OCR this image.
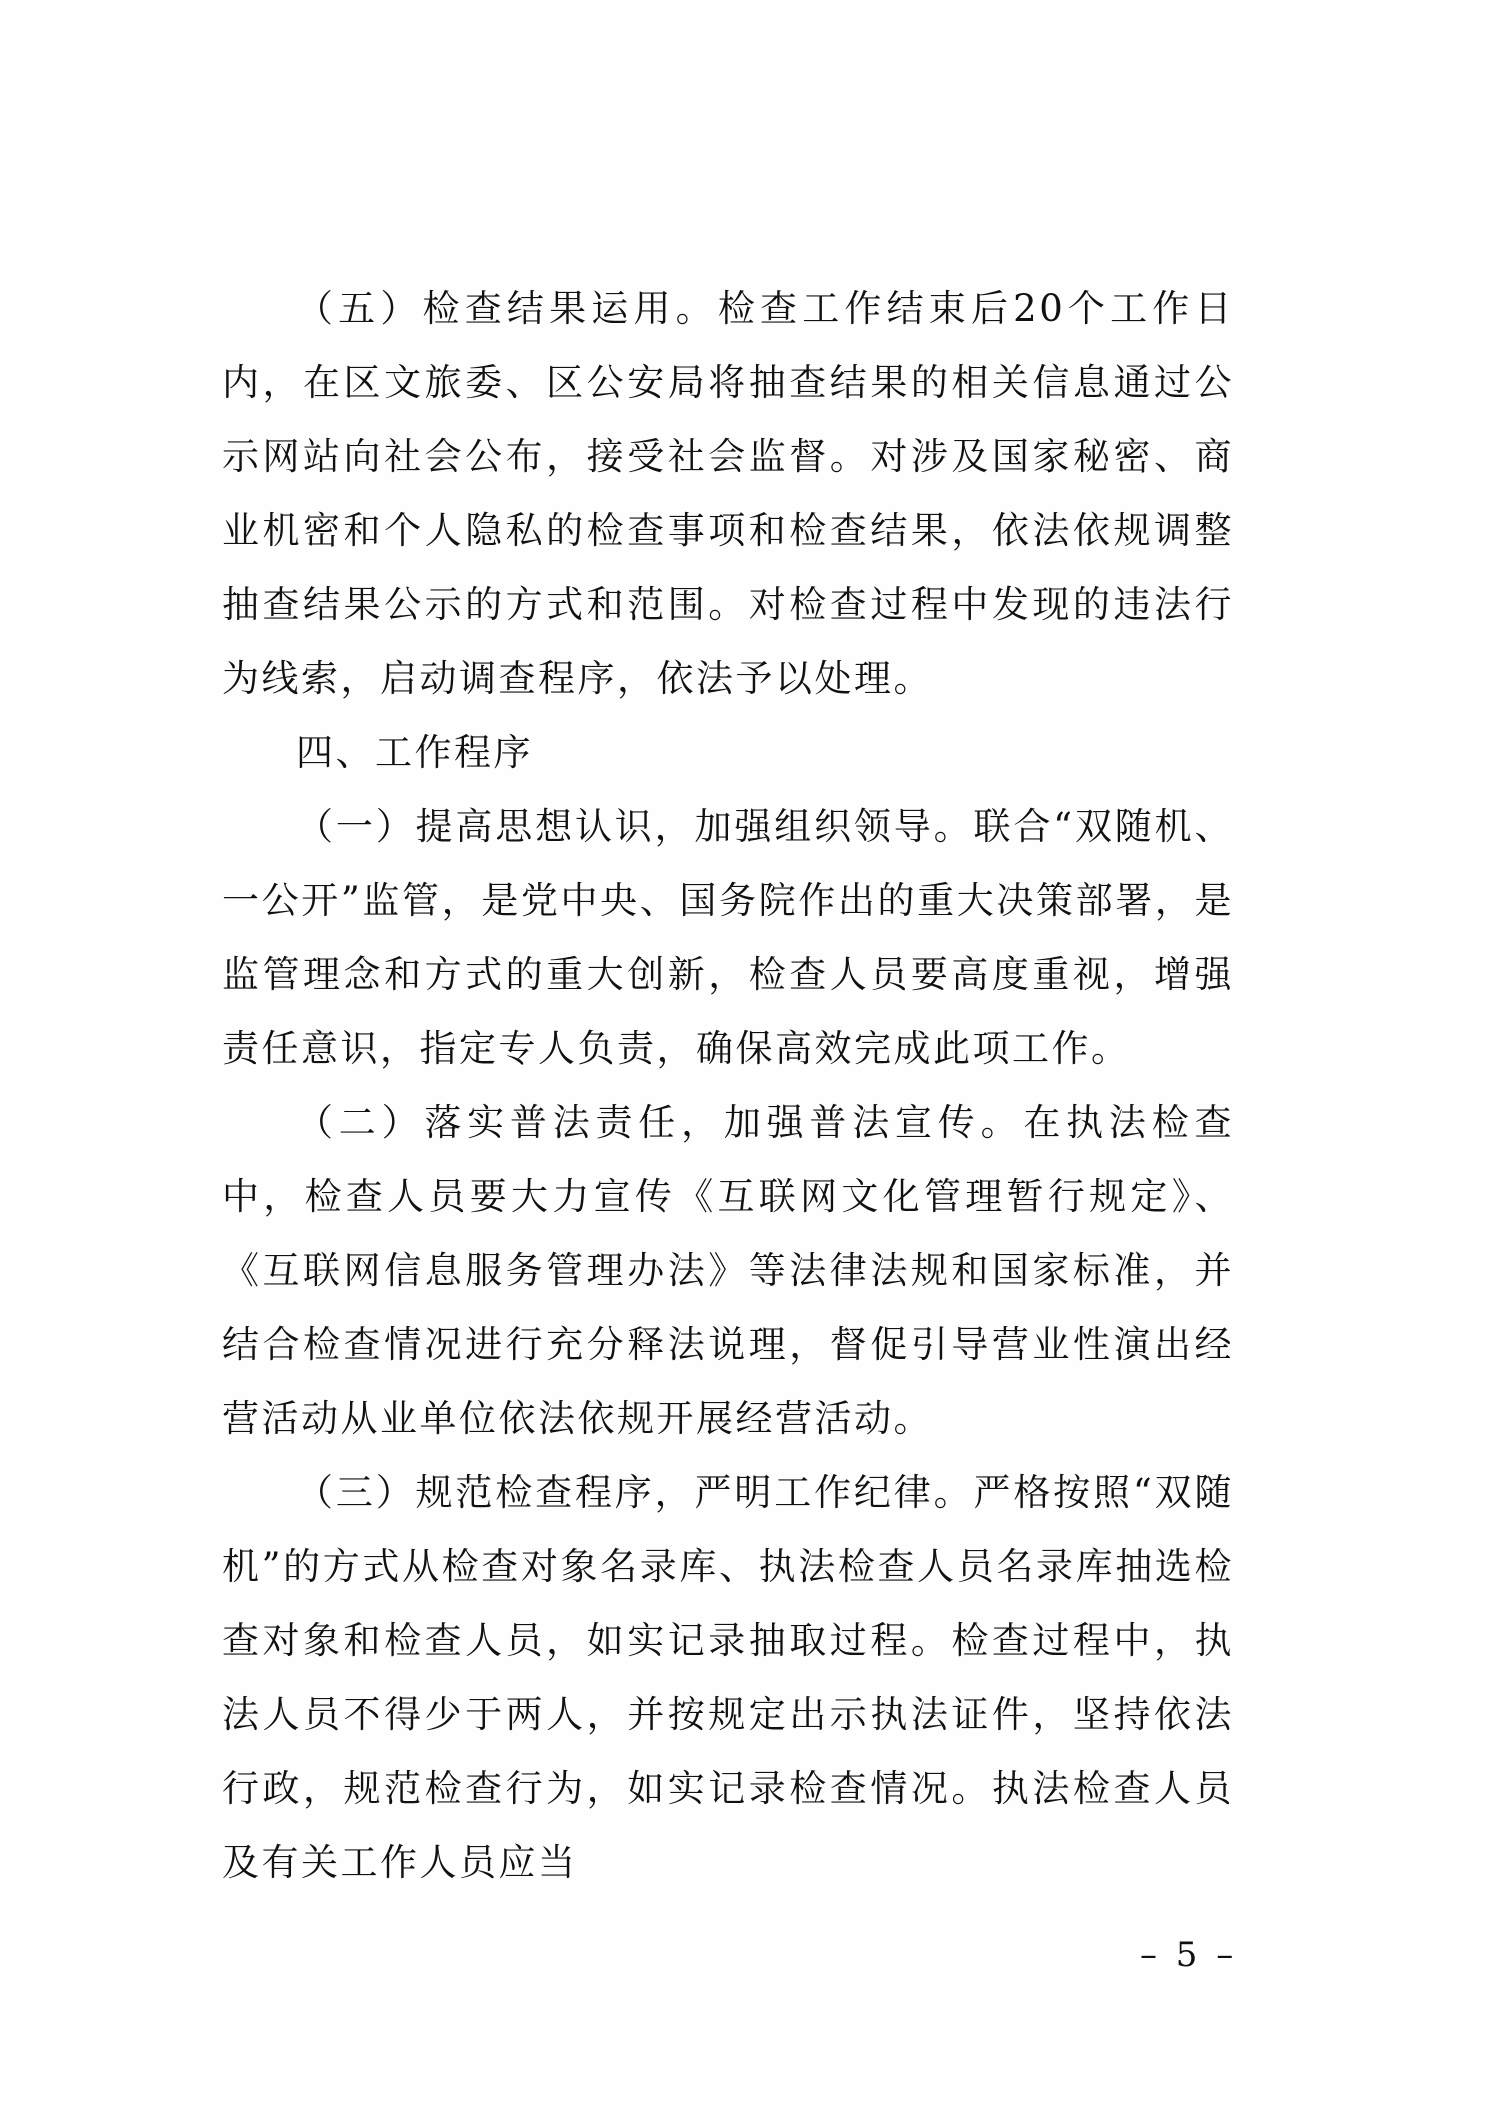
（五）检查结果运用。检查工作结束后20个工作日内，在区文旅委、区公安局将抽查结果的相关信息通过公示网站向社会公布，接受社会监督。对涉及国家秘密、商业机密和个人隐私的检查事项和检查结果，依法依规调整抽查结果公示的方式和范围。对检查过程中发现的违法行为线索，启动调查程序，依法予以处理。

四、工作程序

（一）提高思想认识，加强组织领导。联合“双随机、一公开”监管，是党中央、国务院作出的重大决策部署，是监管理念和方式的重大创新，检查人员要高度重视，增强责任意识，指定专人负责，确保高效完成此项工作。

（二）落实普法责任，加强普法宣传。在执法检查中，检查人员要大力宣传《互联网文化管理暂行规定》、《互联网信息服务管理办法》等法律法规和国家标准，并结合检查情况进行充分释法说理，督促引导营业性演出经营活动从业单位依法依规开展经营活动。

（三）规范检查程序，严明工作纪律。严格按照“双随机”的方式从检查对象名录库、执法检查人员名录库抽选检查对象和检查人员，如实记录抽取过程。检查过程中，执法人员不得少于两人，并按规定出示执法证件，坚持依法行政，规范检查行为，如实记录检查情况。执法检查人员及有关工作人员应当

– 5 –
